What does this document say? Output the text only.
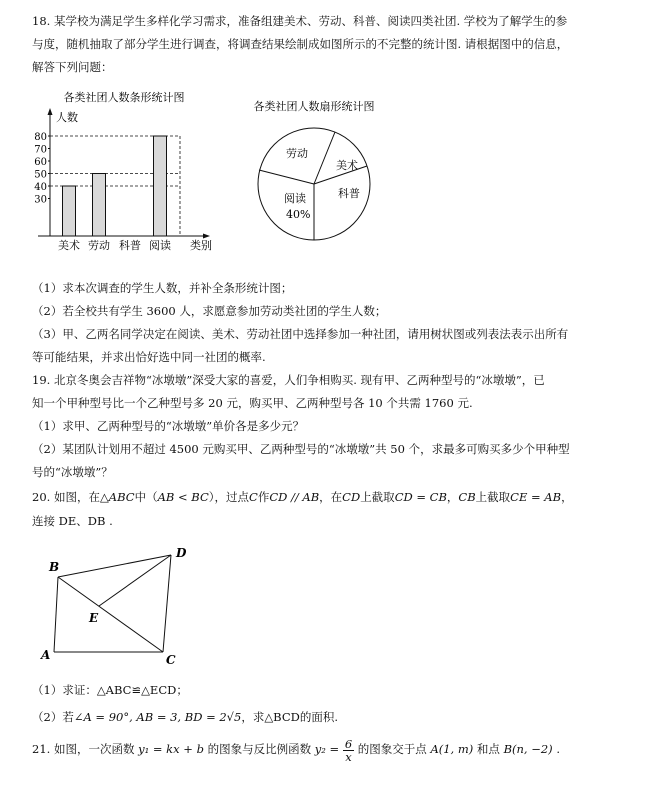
18. 某学校为满足学生多样化学习需求，准备组建美术、劳动、科普、阅读四类社团. 学校为了解学生的参

与度，随机抽取了部分学生进行调查，将调查结果绘制成如图所示的不完整的统计图. 请根据图中的信息，

解答下列问题：

各类社团人数条形统计图
人数
类别
30
40
50
60
70
80
美术 劳动 科普 阅读
各类社团人数扇形统计图
劳动
美术
科普
阅读
40%

（1）求本次调查的学生人数，并补全条形统计图；

（2）若全校共有学生 3600 人，求愿意参加劳动类社团的学生人数；

（3）甲、乙两名同学决定在阅读、美术、劳动社团中选择参加一种社团，请用树状图或列表法表示出所有

等可能结果，并求出恰好选中同一社团的概率.

19. 北京冬奥会吉祥物“冰墩墩”深受大家的喜爱，人们争相购买. 现有甲、乙两种型号的“冰墩墩”，已

知一个甲种型号比一个乙种型号多 20 元，购买甲、乙两种型号各 10 个共需 1760 元.

（1）求甲、乙两种型号的“冰墩墩”单价各是多少元？

（2）某团队计划用不超过 4500 元购买甲、乙两种型号的“冰墩墩”共 50 个，求最多可购买多少个甲种型

号的“冰墩墩”？

20. 如图，在△ABC中（AB < BC），过点C作CD // AB，在CD上截取CD = CB，CB上截取CE = AB，

连接 DE、DB .

B
D
E
A	C

（1）求证：△ABC≌△ECD；

（2）若∠A = 90°, AB = 3, BD = 2√5，求△BCD的面积.

21. 如图，一次函数 y₁ = kx + b 的图象与反比例函数 $y_2 = \frac{6}{x}$ 的图象交于点 A(1, m) 和点 B(n, −2) .
